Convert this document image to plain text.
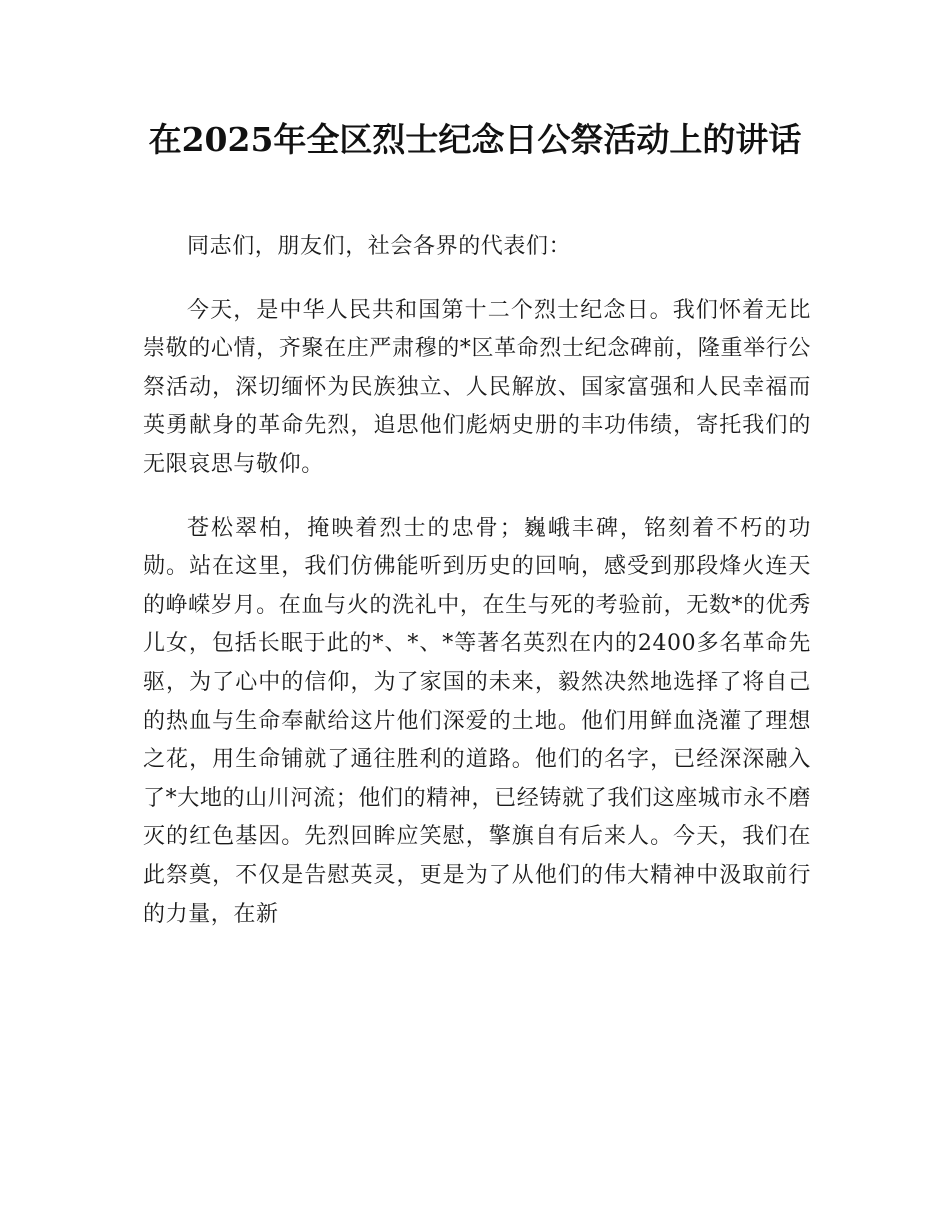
在2025年全区烈士纪念日公祭活动上的讲话

同志们，朋友们，社会各界的代表们：

今天，是中华人民共和国第十二个烈士纪念日。我们怀着无比崇敬的心情，齐聚在庄严肃穆的*区革命烈士纪念碑前，隆重举行公祭活动，深切缅怀为民族独立、人民解放、国家富强和人民幸福而英勇献身的革命先烈，追思他们彪炳史册的丰功伟绩，寄托我们的无限哀思与敬仰。

苍松翠柏，掩映着烈士的忠骨；巍峨丰碑，铭刻着不朽的功勋。站在这里，我们仿佛能听到历史的回响，感受到那段烽火连天的峥嵘岁月。在血与火的洗礼中，在生与死的考验前，无数*的优秀儿女，包括长眠于此的*、*、*等著名英烈在内的2400多名革命先驱，为了心中的信仰，为了家国的未来，毅然决然地选择了将自己的热血与生命奉献给这片他们深爱的土地。他们用鲜血浇灌了理想之花，用生命铺就了通往胜利的道路。他们的名字，已经深深融入了*大地的山川河流；他们的精神，已经铸就了我们这座城市永不磨灭的红色基因。先烈回眸应笑慰，擎旗自有后来人。今天，我们在此祭奠，不仅是告慰英灵，更是为了从他们的伟大精神中汲取前行的力量，在新
